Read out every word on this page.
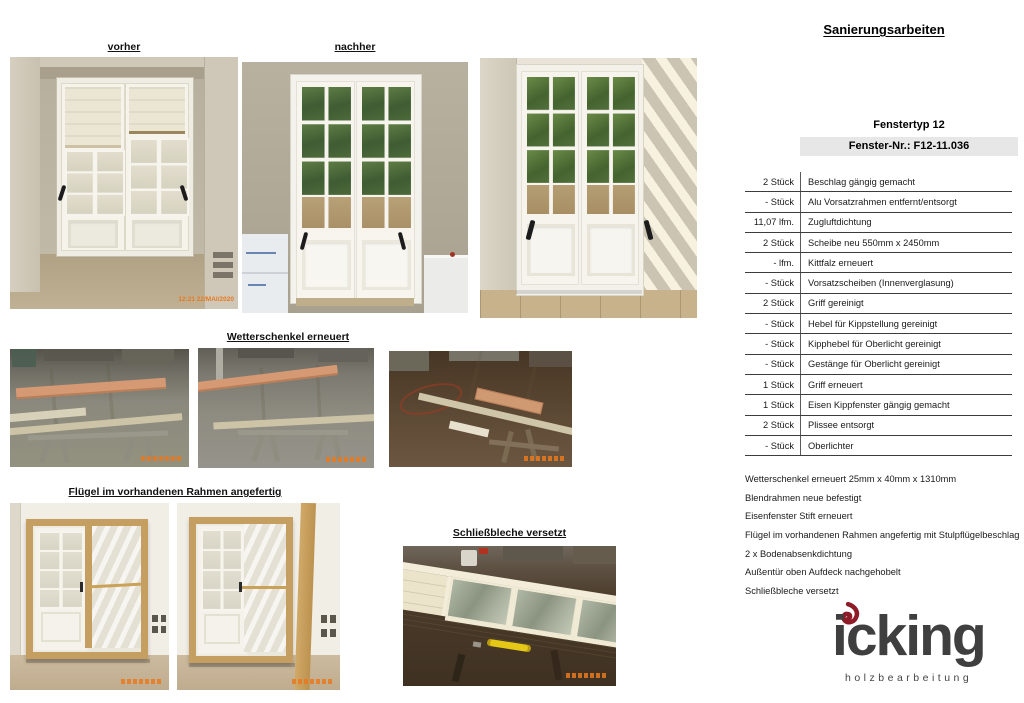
vorher	nachher
Wetterschenkel erneuert
Flügel im vorhandenen Rahmen angefertig
Schließbleche versetzt
12:21 22/MAI/2020
Sanierungsarbeiten
Fenstertyp 12
Fenster-Nr.: F12-11.036
2 Stück	Beschlag gängig gemacht
- Stück	Alu Vorsatzrahmen entfernt/entsorgt
11,07 lfm.	Zugluftdichtung
2 Stück	Scheibe neu 550mm x 2450mm
- lfm.	Kittfalz erneuert
- Stück	Vorsatzscheiben (Innenverglasung)
2 Stück	Griff gereinigt
- Stück	Hebel für Kippstellung gereinigt
- Stück	Kipphebel für Oberlicht gereinigt
- Stück	Gestänge für Oberlicht gereinigt
1 Stück	Griff erneuert
1 Stück	Eisen Kippfenster gängig gemacht
2 Stück	Plissee entsorgt
- Stück	Oberlichter
Wetterschenkel erneuert 25mm x 40mm x 1310mm
Blendrahmen neue befestigt
Eisenfenster Stift erneuert
Flügel im vorhandenen Rahmen angefertig mit Stulpflügelbeschlag
2 x Bodenabsenkdichtung
Außentür oben Aufdeck nachgehobelt
Schließbleche versetzt
icking
holzbearbeitung
